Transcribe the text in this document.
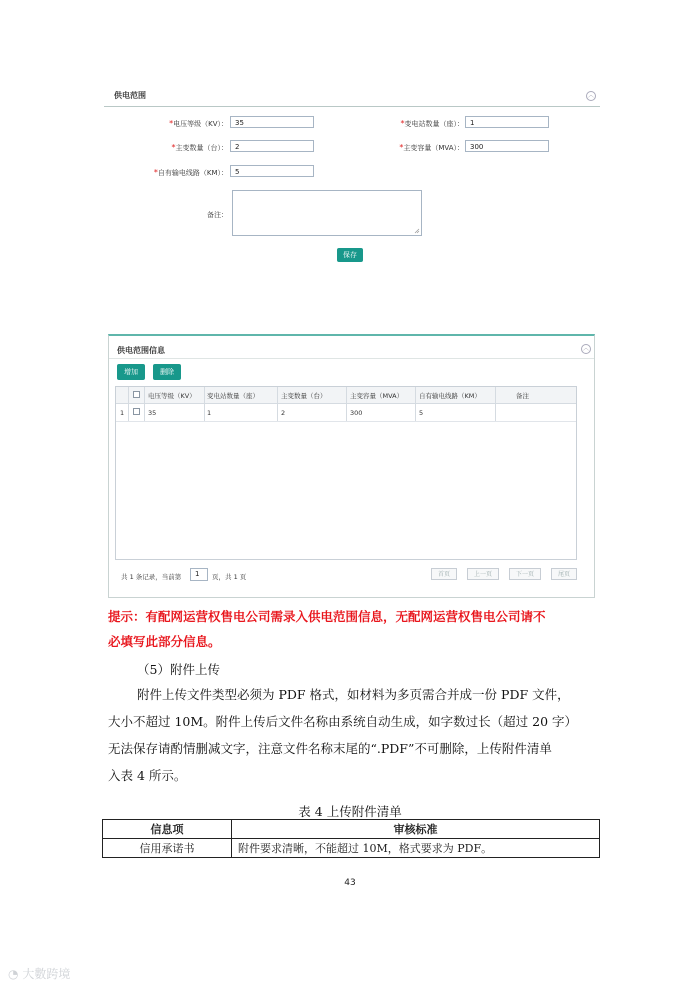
供电范围	︿
*电压等级（KV）：	35	*变电站数量（座）： 1
*主变数量（台）：	2	*主变容量（MVA）： 300
*自有输电线路（KM）：	5
备注：
保存
供电范围信息	︿
增加	删除
电压等级（KV） 变电站数量（座）	主变数量（台）	主变容量（MVA） 自有输电线路（KM）	备注
1	35	1	2	300	5
共 1 条记录，当前第	1	页，共 1 页	首页	上一页	下一页	尾页
提示：有配网运营权售电公司需录入供电范围信息，无配网运营权售电公司请不
必填写此部分信息。
（5）附件上传
附件上传文件类型必须为 PDF 格式，如材料为多页需合并成一份 PDF 文件，
大小不超过 10M。附件上传后文件名称由系统自动生成，如字数过长（超过 20 字）
无法保存请酌情删减文字，注意文件名称末尾的“.PDF”不可删除，上传附件清单
入表 4 所示。
表 4 上传附件清单
信息项	审核标准
信用承诺书	附件要求清晰，不能超过 10M，格式要求为 PDF。
43
◔ 大數跨境
